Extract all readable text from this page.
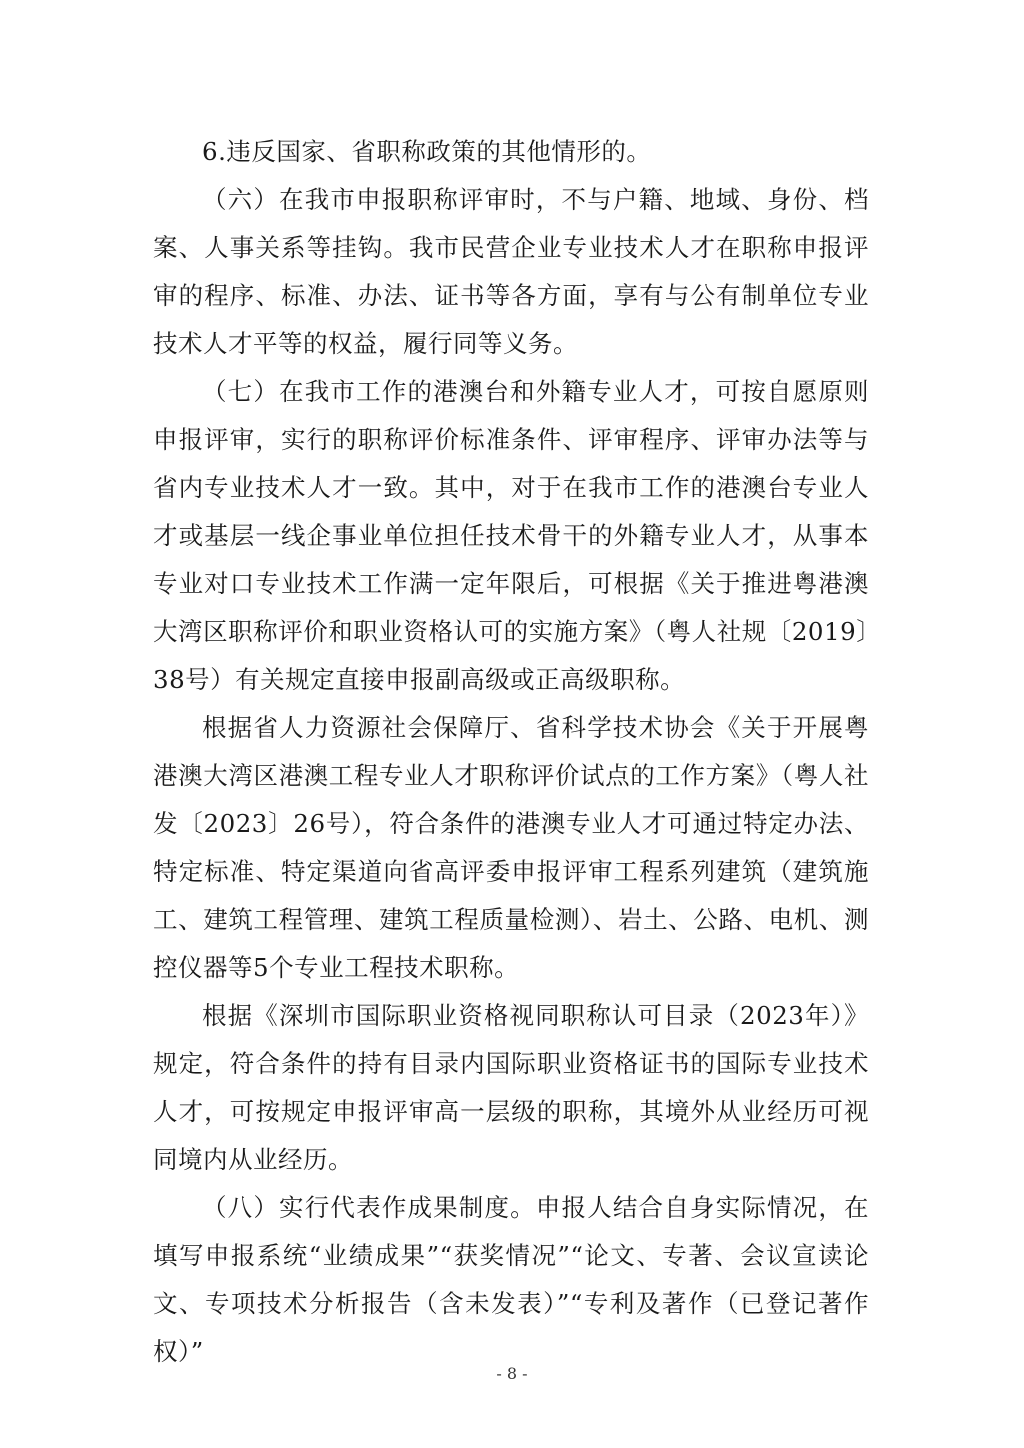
6.违反国家、省职称政策的其他情形的。

（六）在我市申报职称评审时，不与户籍、地域、身份、档案、人事关系等挂钩。我市民营企业专业技术人才在职称申报评审的程序、标准、办法、证书等各方面，享有与公有制单位专业技术人才平等的权益，履行同等义务。

（七）在我市工作的港澳台和外籍专业人才，可按自愿原则申报评审，实行的职称评价标准条件、评审程序、评审办法等与省内专业技术人才一致。其中，对于在我市工作的港澳台专业人才或基层一线企事业单位担任技术骨干的外籍专业人才，从事本专业对口专业技术工作满一定年限后，可根据《关于推进粤港澳大湾区职称评价和职业资格认可的实施方案》（粤人社规〔2019〕38号）有关规定直接申报副高级或正高级职称。

根据省人力资源社会保障厅、省科学技术协会《关于开展粤港澳大湾区港澳工程专业人才职称评价试点的工作方案》（粤人社发〔2023〕26号），符合条件的港澳专业人才可通过特定办法、特定标准、特定渠道向省高评委申报评审工程系列建筑（建筑施工、建筑工程管理、建筑工程质量检测）、岩土、公路、电机、测控仪器等5个专业工程技术职称。

根据《深圳市国际职业资格视同职称认可目录（2023年）》规定，符合条件的持有目录内国际职业资格证书的国际专业技术人才，可按规定申报评审高一层级的职称，其境外从业经历可视同境内从业经历。

（八）实行代表作成果制度。申报人结合自身实际情况，在填写申报系统“业绩成果”“获奖情况”“论文、专著、会议宣读论文、专项技术分析报告（含未发表）”“专利及著作（已登记著作权）”

- 8 -
